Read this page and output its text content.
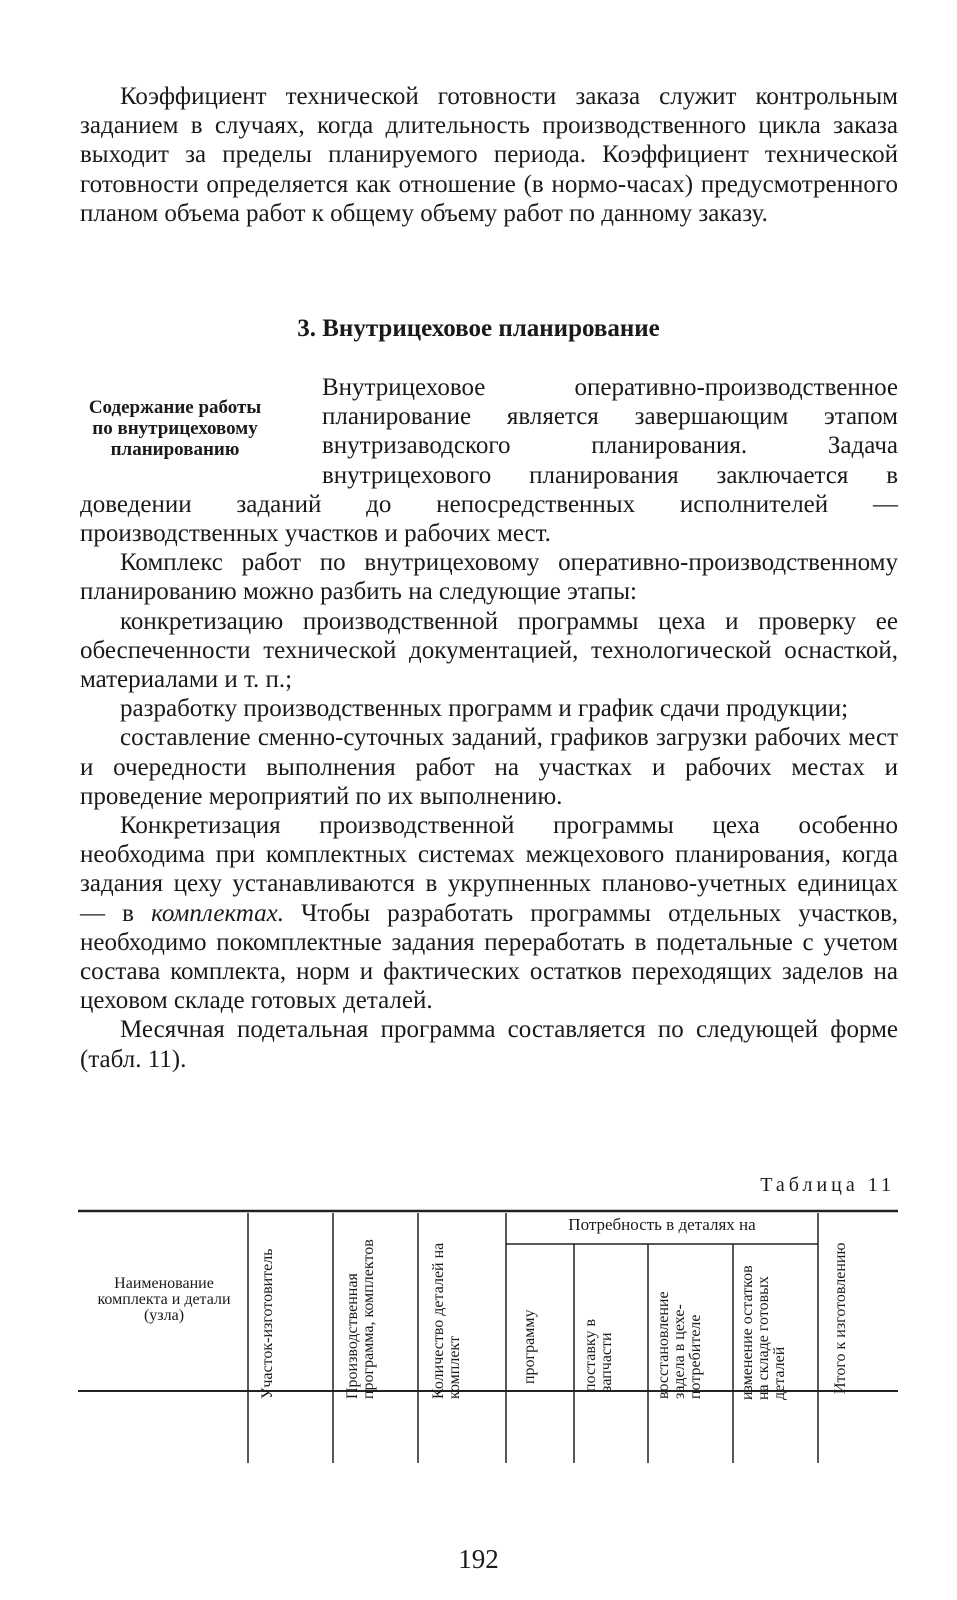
Коэффициент технической готовности заказа служит контрольным заданием в случаях, когда длительность производственного цикла заказа выходит за пределы планируемого периода. Коэффициент технической готовности определяется как отношение (в нормо-часах) предусмотренного планом объема работ к общему объему работ по данному заказу.

3. Внутрицеховое планирование
Содержание работы
по внутрицеховому
планированию

Внутрицеховое оперативно-производственное планирование является завершающим этапом внутризаводского планирования. Задача внутрицехового планирования заключается в доведении заданий до непосредственных исполнителей — производственных участков и рабочих мест.

Комплекс работ по внутрицеховому оперативно-производственному планированию можно разбить на следующие этапы:

конкретизацию производственной программы цеха и проверку ее обеспеченности технической документацией, технологической оснасткой, материалами и т. п.;

разработку производственных программ и график сдачи продукции;

составление сменно-суточных заданий, графиков загрузки рабочих мест и очередности выполнения работ на участках и рабочих местах и проведение мероприятий по их выполнению.

Конкретизация производственной программы цеха особенно необходима при комплектных системах межцехового планирования, когда задания цеху устанавливаются в укрупненных планово-учетных единицах — в комплектах. Чтобы разработать программы отдельных участков, необходимо покомплектные задания переработать в подетальные с учетом состава комплекта, норм и фактических остатков переходящих заделов на цеховом складе готовых деталей.

Месячная подетальная программа составляется по следующей форме (табл. 11).

Таблица 11
Наименование комплекта и детали (узла)	Участок-изготовитель	Производственная программа, комплектов	Количество деталей на комплект
Потребность в деталях на
программу	поставку в запчасти	восстановление задела в цехе-потребителе	изменение остатков на складе готовых деталей	Итого к изготовлению
192
